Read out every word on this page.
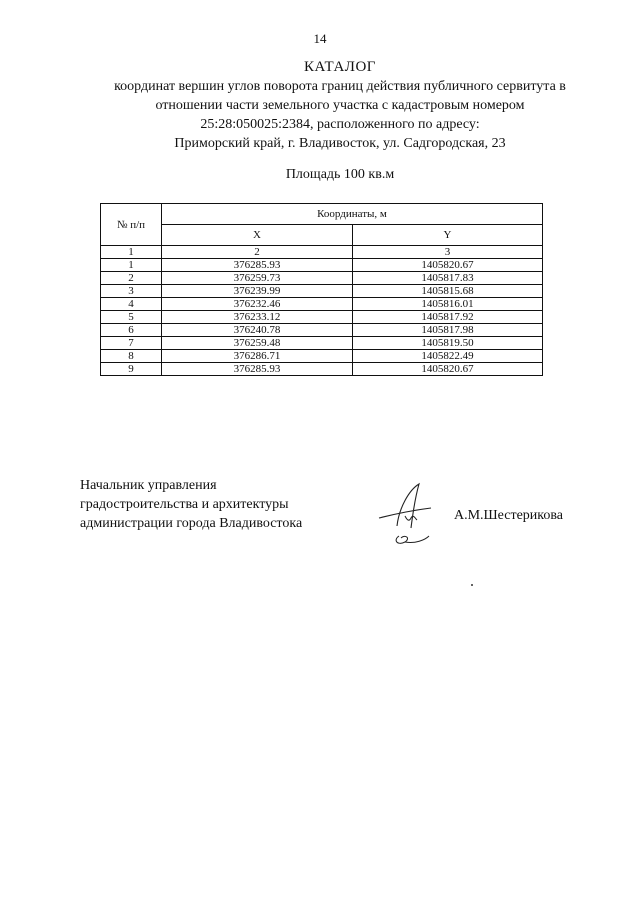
14
КАТАЛОГ
координат вершин углов поворота границ действия публичного сервитута в
отношении части земельного участка с кадастровым номером
25:28:050025:2384, расположенного по адресу:
Приморский край, г. Владивосток, ул. Садгородская, 23
Площадь 100 кв.м
№ п/п	Координаты, м	
	X	Y
1	2	3
1	376285.93	1405820.67
2	376259.73	1405817.83
3	376239.99	1405815.68
4	376232.46	1405816.01
5	376233.12	1405817.92
6	376240.78	1405817.98
7	376259.48	1405819.50
8	376286.71	1405822.49
9	376285.93	1405820.67
Начальник управления
градостроительства и архитектуры
администрации города Владивостока
А.М.Шестерикова
